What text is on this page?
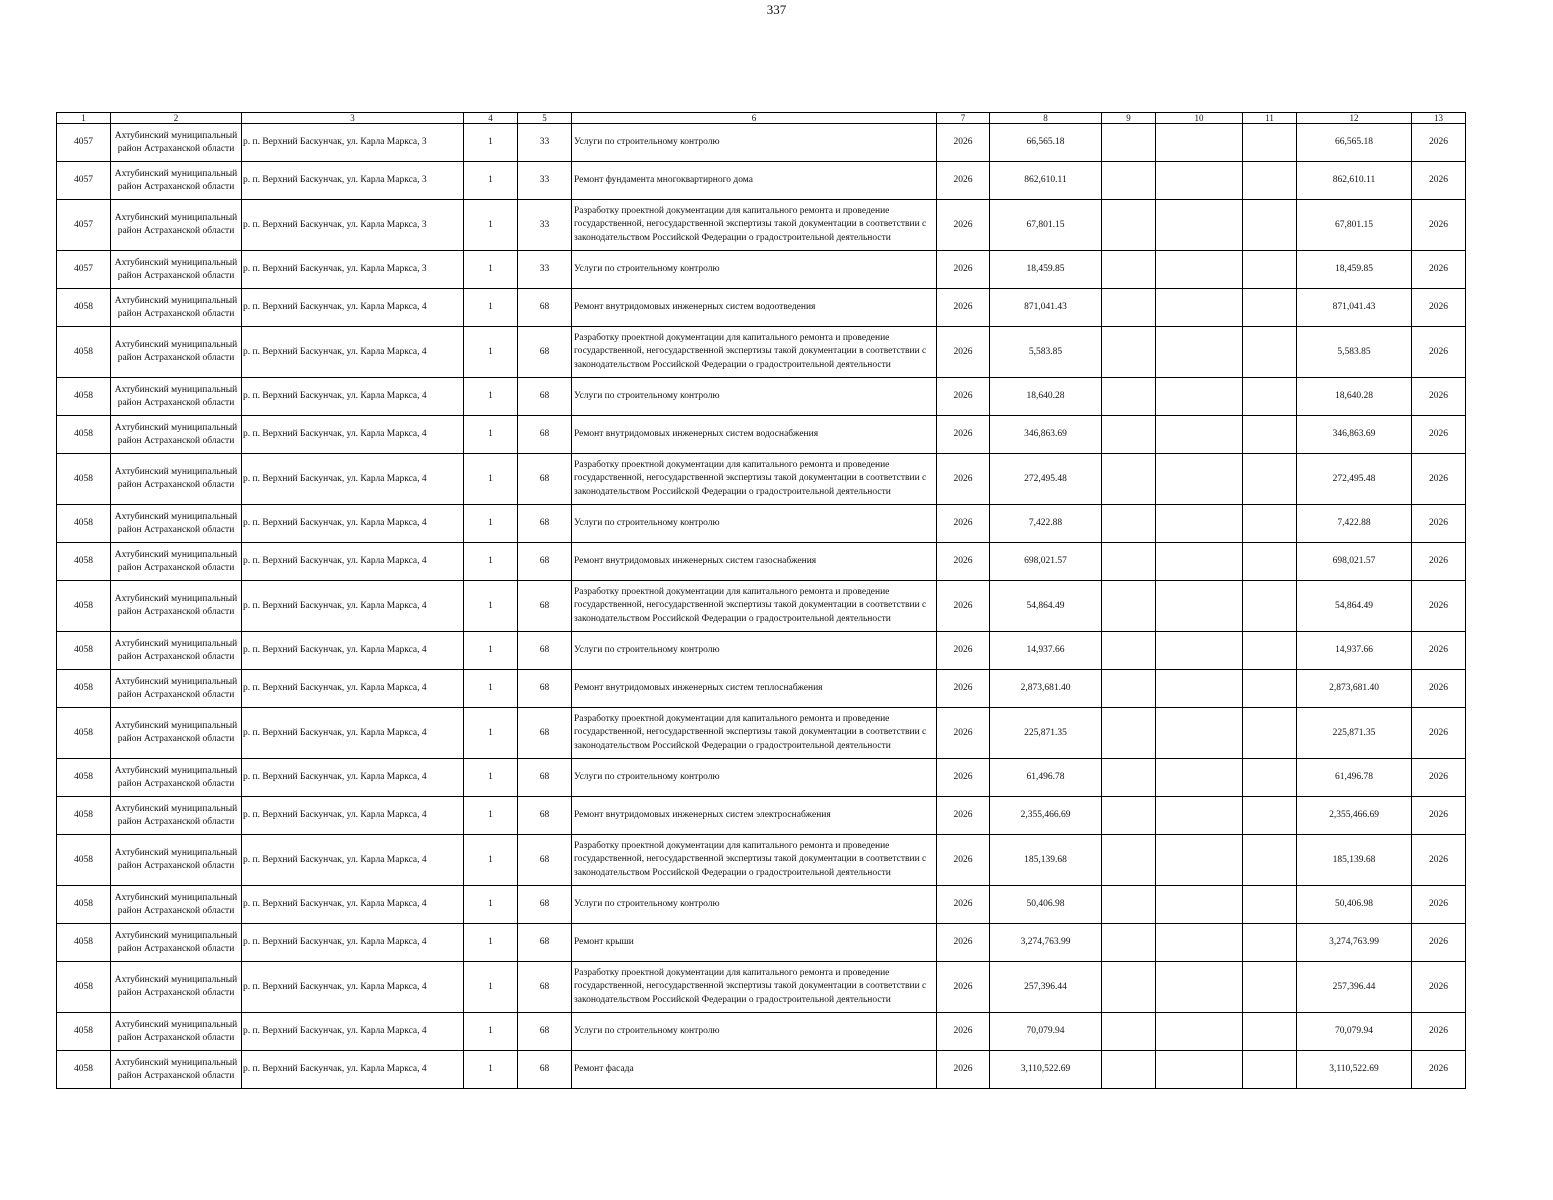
337
1	2	3	4	5	6	7	8	9	10	11	12	13
4057	Ахтубинский муниципальный район Астраханской области	р. п. Верхний Баскунчак, ул. Карла Маркса, 3	1	33	Услуги по строительному контролю	2026	66,565.18				66,565.18	2026
4057	Ахтубинский муниципальный район Астраханской области	р. п. Верхний Баскунчак, ул. Карла Маркса, 3	1	33	Ремонт фундамента многоквартирного дома	2026	862,610.11				862,610.11	2026
4057	Ахтубинский муниципальный район Астраханской области	р. п. Верхний Баскунчак, ул. Карла Маркса, 3	1	33	Разработку проектной документации для капитального ремонта и проведение государственной, негосударственной экспертизы такой документации в соответствии с законодательством Российской Федерации о градостроительной деятельности	2026	67,801.15				67,801.15	2026
4057	Ахтубинский муниципальный район Астраханской области	р. п. Верхний Баскунчак, ул. Карла Маркса, 3	1	33	Услуги по строительному контролю	2026	18,459.85				18,459.85	2026
4058	Ахтубинский муниципальный район Астраханской области	р. п. Верхний Баскунчак, ул. Карла Маркса, 4	1	68	Ремонт внутридомовых инженерных систем водоотведения	2026	871,041.43				871,041.43	2026
4058	Ахтубинский муниципальный район Астраханской области	р. п. Верхний Баскунчак, ул. Карла Маркса, 4	1	68	Разработку проектной документации для капитального ремонта и проведение государственной, негосударственной экспертизы такой документации в соответствии с законодательством Российской Федерации о градостроительной деятельности	2026	5,583.85				5,583.85	2026
4058	Ахтубинский муниципальный район Астраханской области	р. п. Верхний Баскунчак, ул. Карла Маркса, 4	1	68	Услуги по строительному контролю	2026	18,640.28				18,640.28	2026
4058	Ахтубинский муниципальный район Астраханской области	р. п. Верхний Баскунчак, ул. Карла Маркса, 4	1	68	Ремонт внутридомовых инженерных систем водоснабжения	2026	346,863.69				346,863.69	2026
4058	Ахтубинский муниципальный район Астраханской области	р. п. Верхний Баскунчак, ул. Карла Маркса, 4	1	68	Разработку проектной документации для капитального ремонта и проведение государственной, негосударственной экспертизы такой документации в соответствии с законодательством Российской Федерации о градостроительной деятельности	2026	272,495.48				272,495.48	2026
4058	Ахтубинский муниципальный район Астраханской области	р. п. Верхний Баскунчак, ул. Карла Маркса, 4	1	68	Услуги по строительному контролю	2026	7,422.88				7,422.88	2026
4058	Ахтубинский муниципальный район Астраханской области	р. п. Верхний Баскунчак, ул. Карла Маркса, 4	1	68	Ремонт внутридомовых инженерных систем газоснабжения	2026	698,021.57				698,021.57	2026
4058	Ахтубинский муниципальный район Астраханской области	р. п. Верхний Баскунчак, ул. Карла Маркса, 4	1	68	Разработку проектной документации для капитального ремонта и проведение государственной, негосударственной экспертизы такой документации в соответствии с законодательством Российской Федерации о градостроительной деятельности	2026	54,864.49				54,864.49	2026
4058	Ахтубинский муниципальный район Астраханской области	р. п. Верхний Баскунчак, ул. Карла Маркса, 4	1	68	Услуги по строительному контролю	2026	14,937.66				14,937.66	2026
4058	Ахтубинский муниципальный район Астраханской области	р. п. Верхний Баскунчак, ул. Карла Маркса, 4	1	68	Ремонт внутридомовых инженерных систем теплоснабжения	2026	2,873,681.40				2,873,681.40	2026
4058	Ахтубинский муниципальный район Астраханской области	р. п. Верхний Баскунчак, ул. Карла Маркса, 4	1	68	Разработку проектной документации для капитального ремонта и проведение государственной, негосударственной экспертизы такой документации в соответствии с законодательством Российской Федерации о градостроительной деятельности	2026	225,871.35				225,871.35	2026
4058	Ахтубинский муниципальный район Астраханской области	р. п. Верхний Баскунчак, ул. Карла Маркса, 4	1	68	Услуги по строительному контролю	2026	61,496.78				61,496.78	2026
4058	Ахтубинский муниципальный район Астраханской области	р. п. Верхний Баскунчак, ул. Карла Маркса, 4	1	68	Ремонт внутридомовых инженерных систем электроснабжения	2026	2,355,466.69				2,355,466.69	2026
4058	Ахтубинский муниципальный район Астраханской области	р. п. Верхний Баскунчак, ул. Карла Маркса, 4	1	68	Разработку проектной документации для капитального ремонта и проведение государственной, негосударственной экспертизы такой документации в соответствии с законодательством Российской Федерации о градостроительной деятельности	2026	185,139.68				185,139.68	2026
4058	Ахтубинский муниципальный район Астраханской области	р. п. Верхний Баскунчак, ул. Карла Маркса, 4	1	68	Услуги по строительному контролю	2026	50,406.98				50,406.98	2026
4058	Ахтубинский муниципальный район Астраханской области	р. п. Верхний Баскунчак, ул. Карла Маркса, 4	1	68	Ремонт крыши	2026	3,274,763.99				3,274,763.99	2026
4058	Ахтубинский муниципальный район Астраханской области	р. п. Верхний Баскунчак, ул. Карла Маркса, 4	1	68	Разработку проектной документации для капитального ремонта и проведение государственной, негосударственной экспертизы такой документации в соответствии с законодательством Российской Федерации о градостроительной деятельности	2026	257,396.44				257,396.44	2026
4058	Ахтубинский муниципальный район Астраханской области	р. п. Верхний Баскунчак, ул. Карла Маркса, 4	1	68	Услуги по строительному контролю	2026	70,079.94				70,079.94	2026
4058	Ахтубинский муниципальный район Астраханской области	р. п. Верхний Баскунчак, ул. Карла Маркса, 4	1	68	Ремонт фасада	2026	3,110,522.69				3,110,522.69	2026
